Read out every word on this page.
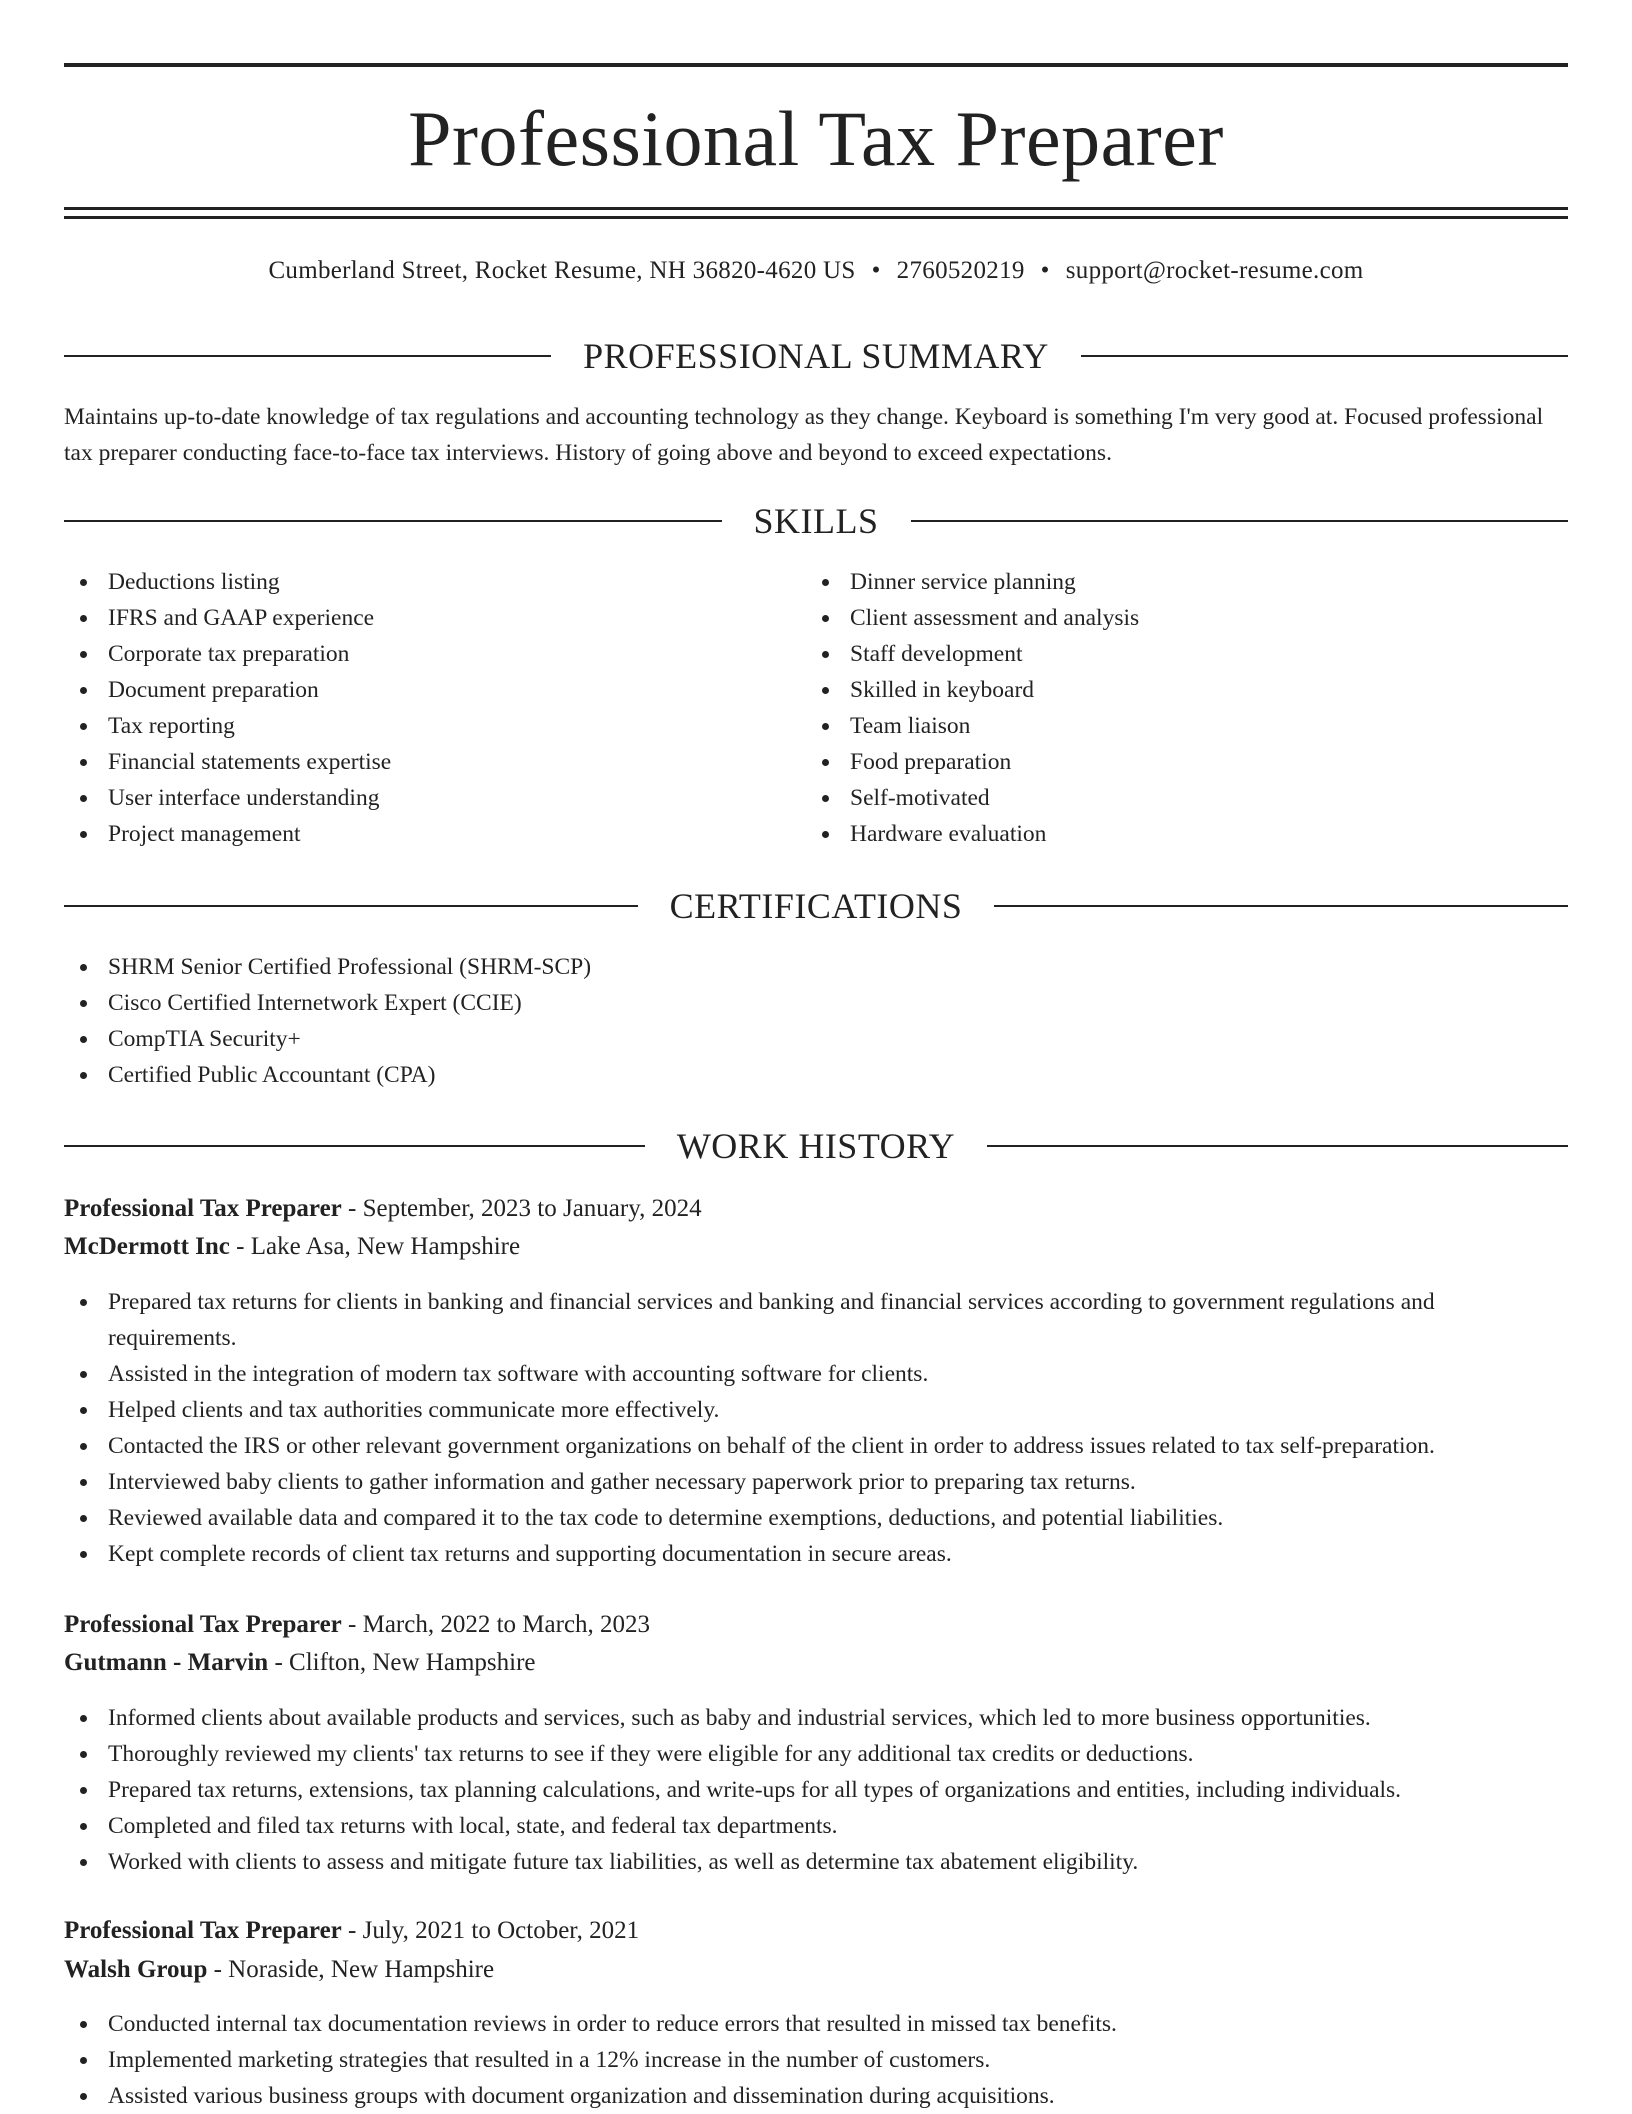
Professional Tax Preparer
Cumberland Street, Rocket Resume, NH 36820-4620 US • 2760520219 • support@rocket-resume.com
PROFESSIONAL SUMMARY
Maintains up-to-date knowledge of tax regulations and accounting technology as they change. Keyboard is something I'm very good at. Focused professional tax preparer conducting face-to-face tax interviews. History of going above and beyond to exceed expectations.
SKILLS
Deductions listing
IFRS and GAAP experience
Corporate tax preparation
Document preparation
Tax reporting
Financial statements expertise
User interface understanding
Project management
Dinner service planning
Client assessment and analysis
Staff development
Skilled in keyboard
Team liaison
Food preparation
Self-motivated
Hardware evaluation
CERTIFICATIONS
SHRM Senior Certified Professional (SHRM-SCP)
Cisco Certified Internetwork Expert (CCIE)
CompTIA Security+
Certified Public Accountant (CPA)
WORK HISTORY
Professional Tax Preparer - September, 2023 to January, 2024
McDermott Inc - Lake Asa, New Hampshire
Prepared tax returns for clients in banking and financial services and banking and financial services according to government regulations and requirements.
Assisted in the integration of modern tax software with accounting software for clients.
Helped clients and tax authorities communicate more effectively.
Contacted the IRS or other relevant government organizations on behalf of the client in order to address issues related to tax self-preparation.
Interviewed baby clients to gather information and gather necessary paperwork prior to preparing tax returns.
Reviewed available data and compared it to the tax code to determine exemptions, deductions, and potential liabilities.
Kept complete records of client tax returns and supporting documentation in secure areas.
Professional Tax Preparer - March, 2022 to March, 2023
Gutmann - Marvin - Clifton, New Hampshire
Informed clients about available products and services, such as baby and industrial services, which led to more business opportunities.
Thoroughly reviewed my clients' tax returns to see if they were eligible for any additional tax credits or deductions.
Prepared tax returns, extensions, tax planning calculations, and write-ups for all types of organizations and entities, including individuals.
Completed and filed tax returns with local, state, and federal tax departments.
Worked with clients to assess and mitigate future tax liabilities, as well as determine tax abatement eligibility.
Professional Tax Preparer - July, 2021 to October, 2021
Walsh Group - Noraside, New Hampshire
Conducted internal tax documentation reviews in order to reduce errors that resulted in missed tax benefits.
Implemented marketing strategies that resulted in a 12% increase in the number of customers.
Assisted various business groups with document organization and dissemination during acquisitions.
